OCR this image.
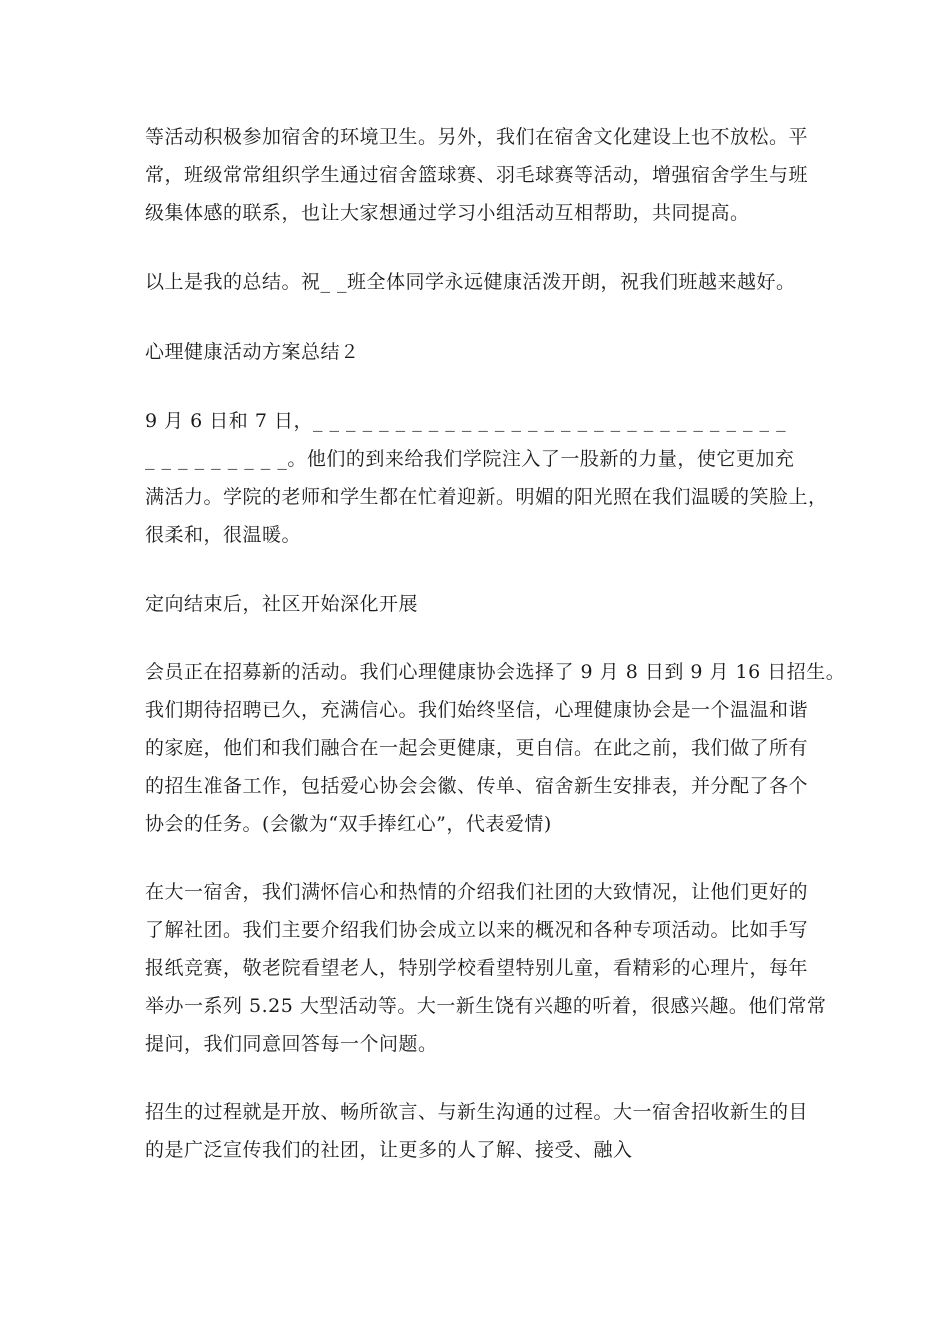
等活动积极参加宿舍的环境卫生。另外，我们在宿舍文化建设上也不放松。平

常，班级常常组织学生通过宿舍篮球赛、羽毛球赛等活动，增强宿舍学生与班

级集体感的联系，也让大家想通过学习小组活动互相帮助，共同提高。

以上是我的总结。祝_ _班全体同学永远健康活泼开朗，祝我们班越来越好。

心理健康活动方案总结２

9 月 6 日和 7 日，_ _ _ _ _ _ _ _ _ _ _ _ _ _ _ _ _ _ _ _ _ _ _ _ _ _ _ _ _

_ _ _ _ _ _ _ _ _。他们的到来给我们学院注入了一股新的力量，使它更加充

满活力。学院的老师和学生都在忙着迎新。明媚的阳光照在我们温暖的笑脸上，

很柔和，很温暖。

定向结束后，社区开始深化开展

会员正在招募新的活动。我们心理健康协会选择了 9 月 8 日到 9 月 16 日招生。

我们期待招聘已久，充满信心。我们始终坚信，心理健康协会是一个温温和谐

的家庭，他们和我们融合在一起会更健康，更自信。在此之前，我们做了所有

的招生准备工作，包括爱心协会会徽、传单、宿舍新生安排表，并分配了各个

协会的任务。(会徽为“双手捧红心”，代表爱情)

在大一宿舍，我们满怀信心和热情的介绍我们社团的大致情况，让他们更好的

了解社团。我们主要介绍我们协会成立以来的概况和各种专项活动。比如手写

报纸竞赛，敬老院看望老人，特别学校看望特别儿童，看精彩的心理片，每年

举办一系列 5.25 大型活动等。大一新生饶有兴趣的听着，很感兴趣。他们常常

提问，我们同意回答每一个问题。

招生的过程就是开放、畅所欲言、与新生沟通的过程。大一宿舍招收新生的目

的是广泛宣传我们的社团，让更多的人了解、接受、融入
